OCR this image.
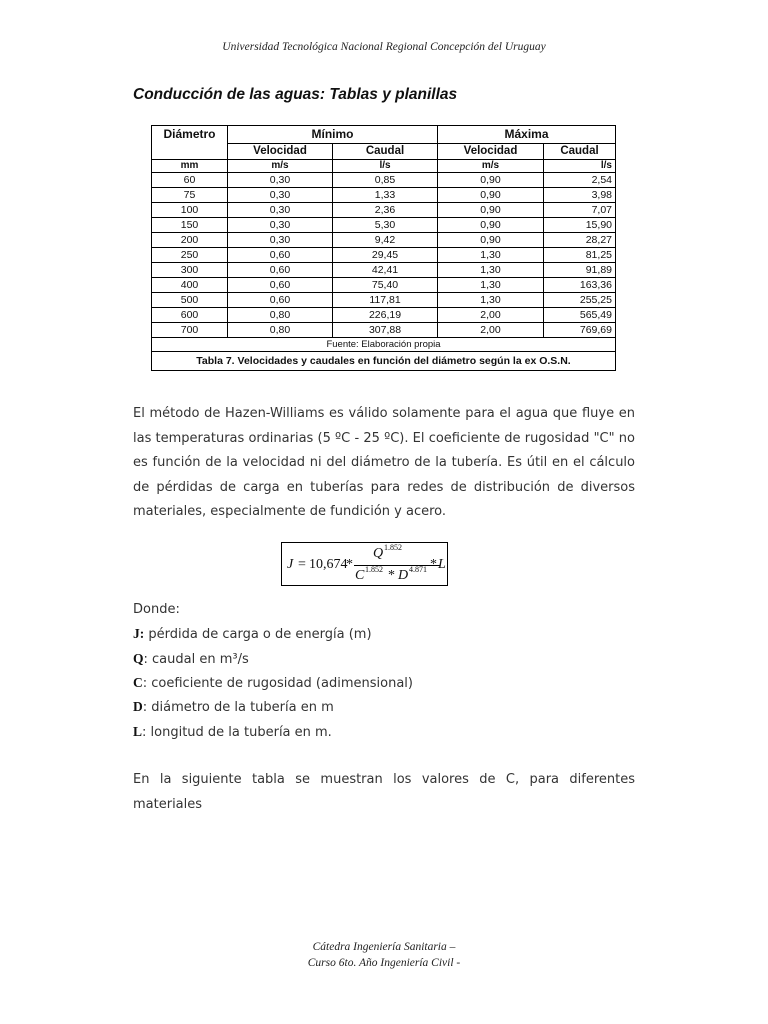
Universidad Tecnológica Nacional Regional Concepción del Uruguay
Conducción de las aguas: Tablas y planillas
Diámetro	Mínimo		Máxima	
	Velocidad	Caudal	Velocidad	Caudal
mm	m/s	l/s	m/s	l/s
60	0,30	0,85	0,90	2,54
75	0,30	1,33	0,90	3,98
100	0,30	2,36	0,90	7,07
150	0,30	5,30	0,90	15,90
200	0,30	9,42	0,90	28,27
250	0,60	29,45	1,30	81,25
300	0,60	42,41	1,30	91,89
400	0,60	75,40	1,30	163,36
500	0,60	117,81	1,30	255,25
600	0,80	226,19	2,00	565,49
700	0,80	307,88	2,00	769,69
Fuente: Elaboración propia				
Tabla 7. Velocidades y caudales en función del diámetro según la ex O.S.N.				
El método de Hazen-Williams es válido solamente para el agua que fluye en las temperaturas ordinarias (5 ºC - 25 ºC). El coeficiente de rugosidad "C" no es función de la velocidad ni del diámetro de la tubería. Es útil en el cálculo de pérdidas de carga en tuberías para redes de distribución de diversos materiales, especialmente de fundición y acero.
J = 10,674
*
Q 1.852
C 1.852 * D 4.871 * L
Donde:
J: pérdida de carga o de energía (m)
Q: caudal en m³/s
C: coeficiente de rugosidad (adimensional)
D: diámetro de la tubería en m
L: longitud de la tubería en m.
En la siguiente tabla se muestran los valores de C, para diferentes materiales
Cátedra Ingeniería Sanitaria –
Curso 6to. Año Ingeniería Civil -
